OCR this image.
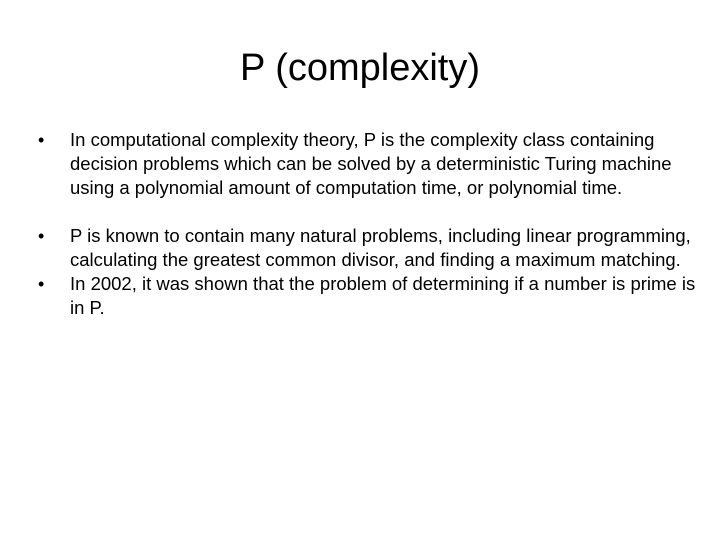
P (complexity)
•	In computational complexity theory, P is the complexity class containing decision problems which can be solved by a deterministic Turing machine using a polynomial amount of computation time, or polynomial time.
•	P is known to contain many natural problems, including linear programming, calculating the greatest common divisor, and finding a maximum matching.
•	In 2002, it was shown that the problem of determining if a number is prime is in P.
